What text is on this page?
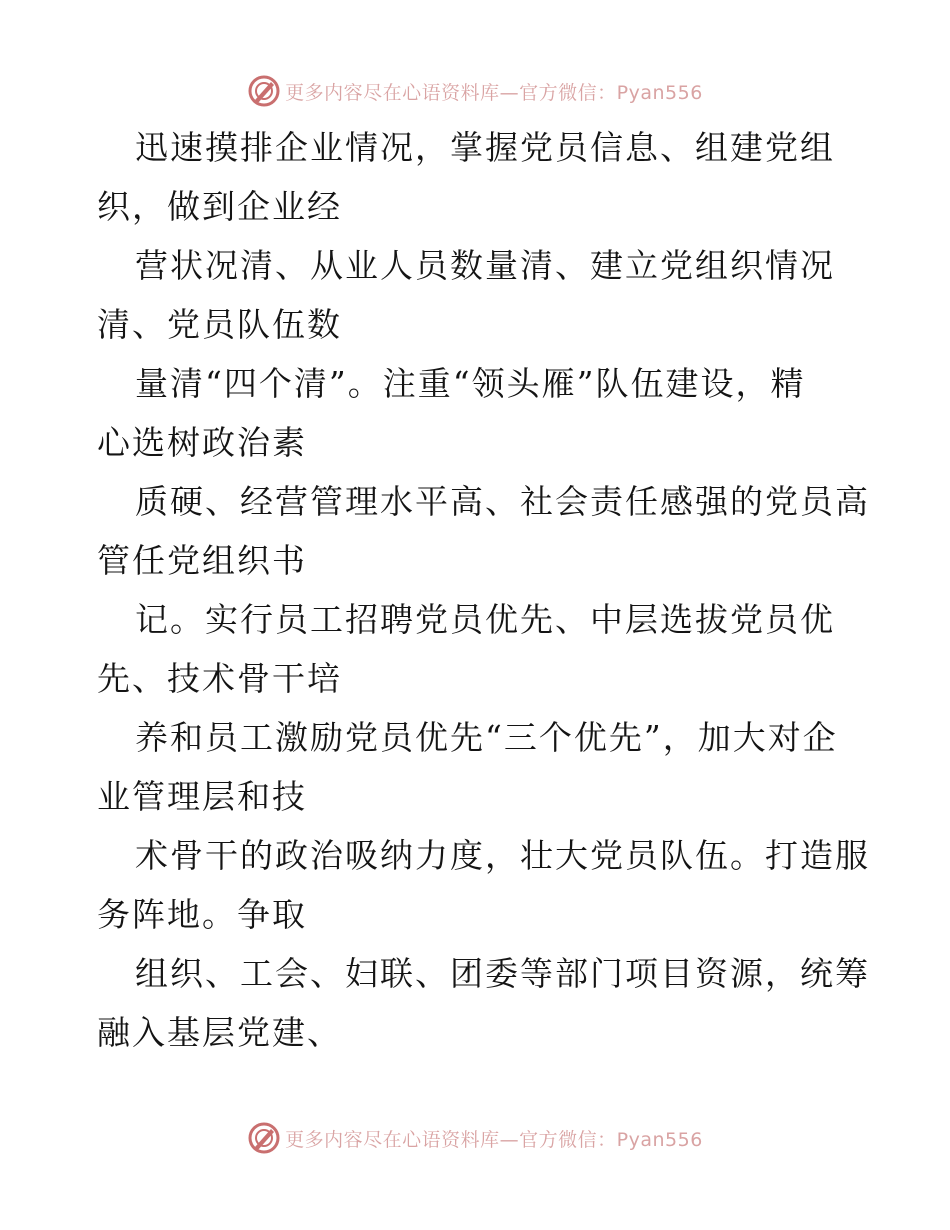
更多内容尽在心语资料库—官方微信：Pyan556
迅速摸排企业情况，掌握党员信息、组建党组
织，做到企业经
营状况清、从业人员数量清、建立党组织情况
清、党员队伍数
量清“四个清”。注重“领头雁”队伍建设，精
心选树政治素
质硬、经营管理水平高、社会责任感强的党员高
管任党组织书
记。实行员工招聘党员优先、中层选拔党员优
先、技术骨干培
养和员工激励党员优先“三个优先”，加大对企
业管理层和技
术骨干的政治吸纳力度，壮大党员队伍。打造服
务阵地。争取
组织、工会、妇联、团委等部门项目资源，统筹
融入基层党建、
更多内容尽在心语资料库—官方微信：Pyan556
